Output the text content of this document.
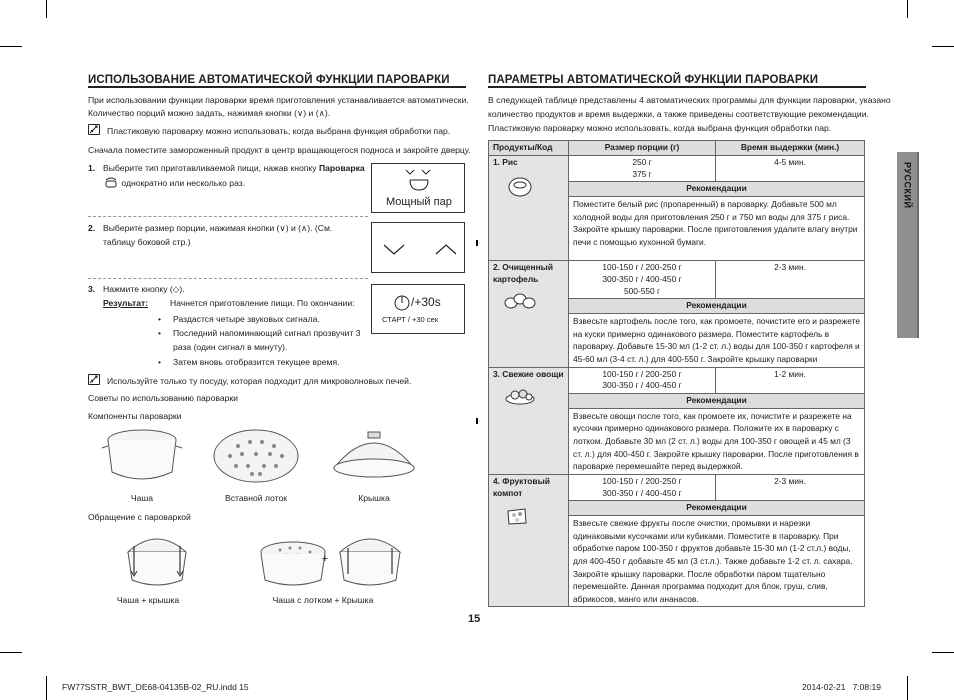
ИСПОЛЬЗОВАНИЕ АВТОМАТИЧЕСКОЙ ФУНКЦИИ ПАРОВАРКИ
При использовании функции пароварки время приготовления устанавливается автоматически.
Количество порций можно задать, нажимая кнопки (∨) и (∧).
Пластиковую пароварку можно использовать, когда выбрана функция обработки пар.
Сначала поместите замороженный продукт в центр вращающегося подноса и закройте дверцу.
1. Выберите тип приготавливаемой пищи, нажав кнопку Пароварка
однократно или несколько раз.
Мощный пар
2. Выберите размер порции, нажимая кнопки (∨) и (∧). (См.
таблицу боковой стр.)
3. Нажмите кнопку (◇).
Результат:	Начнется приготовление пищи. По окончании:
• Раздастся четыре звуковых сигнала.
• Последний напоминающий сигнал прозвучит 3
раза (один сигнал в минуту).
• Затем вновь отобразится текущее время.
/+30s
СТАРТ / +30 сек
Используйте только ту посуду, которая подходит для микроволновых печей.
Советы по использованию пароварки
Компоненты пароварки
Чаша	Вставной лоток	Крышка
Обращение с пароваркой
+
Чаша + крышка	Чаша с лотком + Крышка
ПАРАМЕТРЫ АВТОМАТИЧЕСКОЙ ФУНКЦИИ ПАРОВАРКИ
В следующей таблице представлены 4 автоматических программы для функции пароварки, указано
количество продуктов и время выдержки, а также приведены соответствующие рекомендации.
Пластиковую пароварку можно использовать, когда выбрана функция обработки пар.
Продукты/Код	Размер порции (г)	Время выдержки (мин.)

1. Рис	250 г
375 г	4-5 мин.
	Рекомендации	
	Поместите белый рис (пропаренный) в пароварку. Добавьте 500 мл холодной воды для приготовления 250 г и 750 мл воды для 375 г риса. Закройте крышку пароварки. После приготовления удалите влагу внутри печи с помощью кухонной бумаги.	

2. Очищенный картофель	100-150 г / 200-250 г
300-350 г / 400-450 г
500-550 г	2-3 мин.
	Рекомендации	
	Взвесьте картофель после того, как промоете, почистите его и разрежете на куски примерно одинакового размера. Поместите картофель в пароварку. Добавьте 15-30 мл (1-2 ст. л.) воды для 100-350 г картофеля и 45-60 мл (3-4 ст. л.) для 400-550 г. Закройте крышку пароварки	

3. Свежие овощи	100-150 г / 200-250 г
300-350 г / 400-450 г	1-2 мин.
	Рекомендации	
	Взвесьте овощи после того, как промоете их, почистите и разрежете на кусочки примерно одинакового размера. Положите их в пароварку с лотком. Добавьте 30 мл (2 ст. л.) воды для 100-350 г овощей и 45 мл (3 ст. л.) для 400-450 г. Закройте крышку пароварки. После приготовления в пароварке перемешайте перед выдержкой.	

4. Фруктовый компот	100-150 г / 200-250 г
300-350 г / 400-450 г	2-3 мин.
	Рекомендации	
	Взвесьте свежие фрукты после очистки, промывки и нарезки одинаковыми кусочками или кубиками. Поместите в пароварку. При обработке паром 100-350 г фруктов добавьте 15-30 мл (1-2 ст.л.) воды, для 400-450 г добавьте 45 мл (3 ст.л.). Также добавьте 1-2 ст. л. сахара. Закройте крышку пароварки. После обработки паром тщательно перемешайте. Данная программа подходит для блок, груш, слив, абрикосов, манго или ананасов.	
РУССКИЙ
15
FW77SSTR_BWT_DE68-04135B-02_RU.indd 15	2014-02-21   7:08:19
